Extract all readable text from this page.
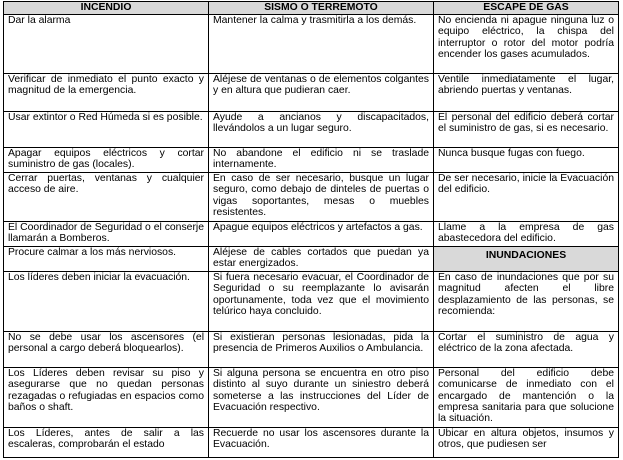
INCENDIO	SISMO O TERREMOTO	ESCAPE DE GAS
Dar la alarma	Mantener la calma y trasmitirla a los demás.	No encienda ni apague ninguna luz o equipo eléctrico, la chispa del interruptor o rotor del motor podría encender los gases acumulados.
Verificar de inmediato el punto exacto y magnitud de la emergencia.	Aléjese de ventanas o de elementos colgantes y en altura que pudieran caer.	Ventile inmediatamente el lugar, abriendo puertas y ventanas.
Usar extintor o Red Húmeda si es posible.	Ayude a ancianos y discapacitados, llevándolos a un lugar seguro.	El personal del edificio deberá cortar el suministro de gas, si es necesario.
Apagar equipos eléctricos y cortar suministro de gas (locales).	No abandone el edificio ni se traslade internamente.	Nunca busque fugas con fuego.
Cerrar puertas, ventanas y cualquier acceso de aire.	En caso de ser necesario, busque un lugar seguro, como debajo de dinteles de puertas o vigas soportantes, mesas o muebles resistentes.	De ser necesario, inicie la Evacuación del edificio.
El Coordinador de Seguridad o el conserje llamarán a Bomberos.	Apague equipos eléctricos y artefactos a gas.	Llame a la empresa de gas abastecedora del edificio.
Procure calmar a los más nerviosos.	Aléjese de cables cortados que puedan ya estar energizados.	INUNDACIONES
Los líderes deben iniciar la evacuación.	Si fuera necesario evacuar, el Coordinador de Seguridad o su reemplazante lo avisarán oportunamente, toda vez que el movimiento telúrico haya concluido.	En caso de inundaciones que por su magnitud afecten el libre desplazamiento de las personas, se recomienda:
No se debe usar los ascensores (el personal a cargo deberá bloquearlos).	Si existieran personas lesionadas, pida la presencia de Primeros Auxilios o Ambulancia.	Cortar el suministro de agua y eléctrico de la zona afectada.
Los Líderes deben revisar su piso y asegurarse que no quedan personas rezagadas o refugiadas en espacios como baños o shaft.	Si alguna persona se encuentra en otro piso distinto al suyo durante un siniestro deberá someterse a las instrucciones del Líder de Evacuación respectivo.	Personal del edificio debe comunicarse de inmediato con el encargado de mantención o la empresa sanitaria para que solucione la situación.
Los Líderes, antes de salir a las escaleras, comprobarán el estado	Recuerde no usar los ascensores durante la Evacuación.	Ubicar en altura objetos, insumos y otros, que pudiesen ser
